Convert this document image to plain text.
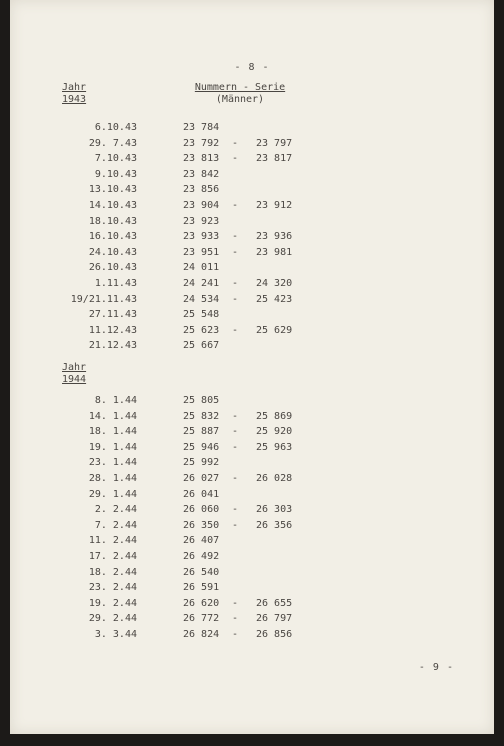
- 8 -
Jahr
1943
Nummern - Serie
(Männer)
6.10.43	23 784
29. 7.43	23 792 - 23 797
7.10.43	23 813 - 23 817
9.10.43	23 842
13.10.43	23 856
14.10.43	23 904 - 23 912
18.10.43	23 923
16.10.43	23 933 - 23 936
24.10.43	23 951 - 23 981
26.10.43	24 011
1.11.43	24 241 - 24 320
19/21.11.43	24 534 - 25 423
27.11.43	25 548
11.12.43	25 623 - 25 629
21.12.43	25 667
Jahr
1944
8. 1.44	25 805
14. 1.44	25 832 - 25 869
18. 1.44	25 887 - 25 920
19. 1.44	25 946 - 25 963
23. 1.44	25 992
28. 1.44	26 027 - 26 028
29. 1.44	26 041
2. 2.44	26 060 - 26 303
7. 2.44	26 350 - 26 356
11. 2.44	26 407
17. 2.44	26 492
18. 2.44	26 540
23. 2.44	26 591
19. 2.44	26 620 - 26 655
29. 2.44	26 772 - 26 797
3. 3.44	26 824 - 26 856
- 9 -
